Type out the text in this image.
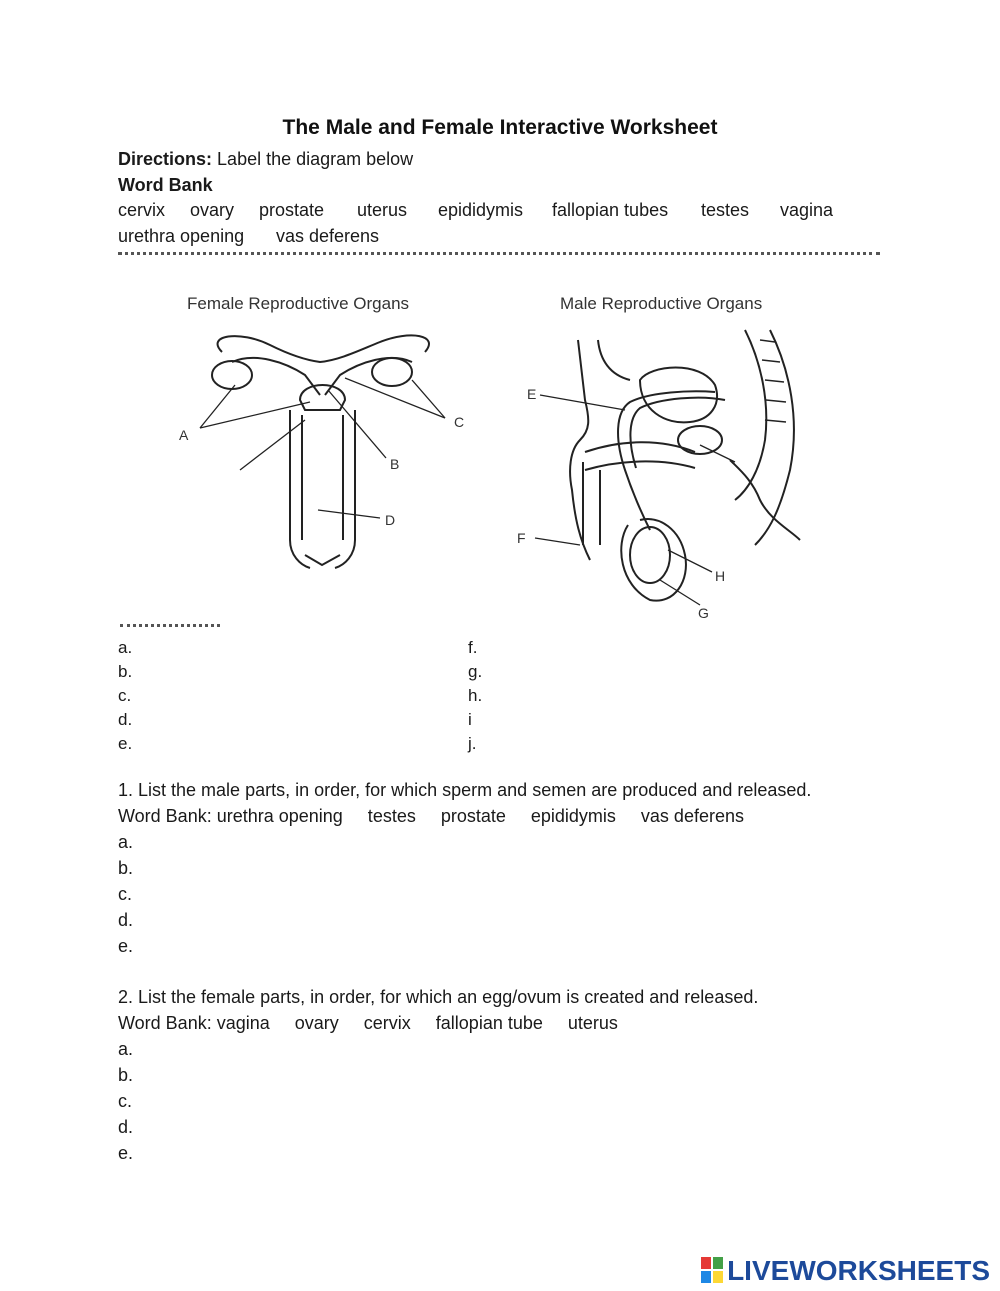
The Male and Female Interactive Worksheet
Directions: Label the diagram below
Word Bank
cervix ovary prostate uterus epididymis fallopian tubes testes vagina
urethra opening vas deferens
Female Reproductive Organs	Male Reproductive Organs
A
B
C
D
E
F
G
H
a.
b.
c.
d.
e.
f.
g.
h.
i
j.
1. List the male parts, in order, for which sperm and semen are produced and released.
Word Bank: urethra opening     testes     prostate     epididymis     vas deferens
a.
b.
c.
d.
e.
2. List the female parts, in order, for which an egg/ovum is created and released.
Word Bank: vagina     ovary     cervix     fallopian tube     uterus
a.
b.
c.
d.
e.
LIVEWORKSHEETS
